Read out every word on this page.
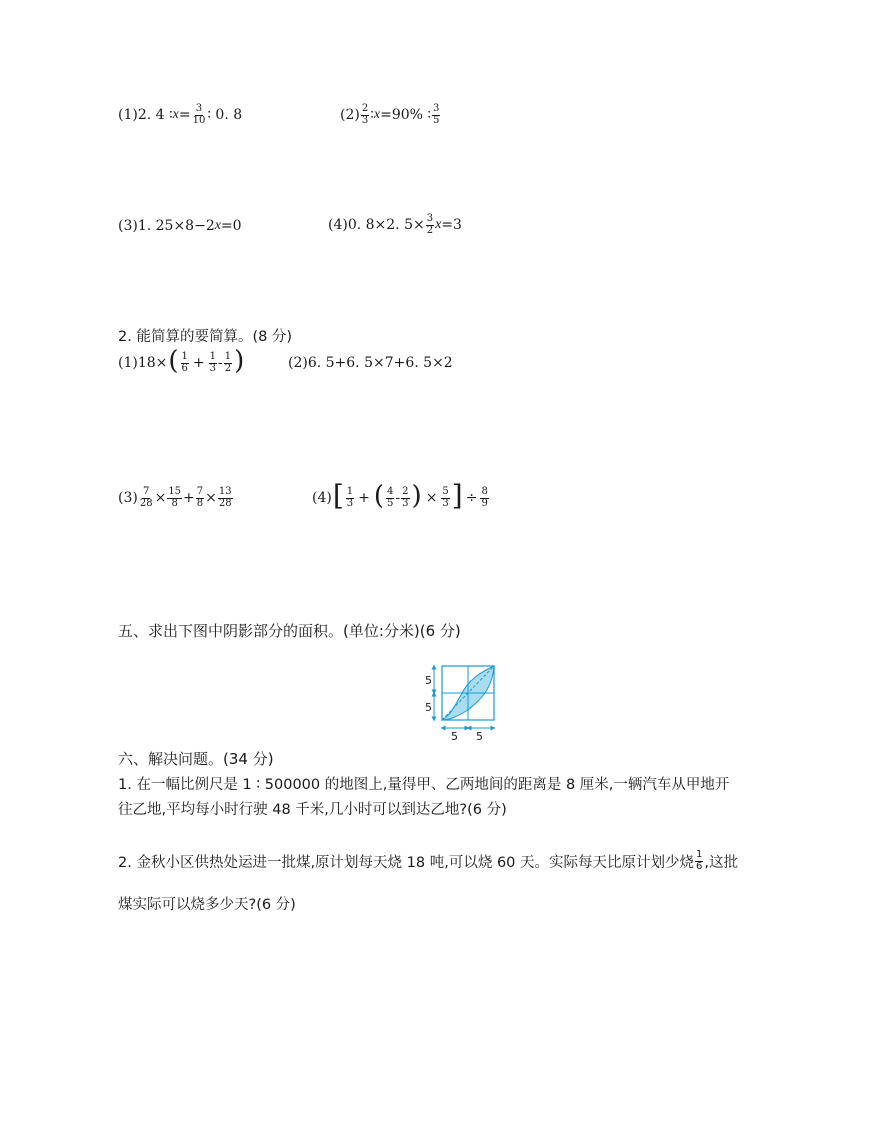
(1)2. 4 ∶ $x = \frac{3}{10}$ ∶ 0. 8	$(2) \frac{2}{3}$ ∶ x =90% ∶ $\frac{3}{5}$
(3)1. 25×8−2 x =0	(4)0. 8×2. $5\times \frac{3}{2}$ x =3
2. 能简算的要简算。(8 分)
(1)18× ( $\frac{1}{6} + \frac{1}{3} - \frac{1}{2}$ )	(2)6. 5+6. 5×7+6. 5×2
$(3) \frac{7}{28} \times \frac{15}{8} + \frac{7}{8} \times \frac{13}{28}$	(4) [ $\frac{1}{3}$ + ( $\frac{4}{5} - \frac{2}{3}$ ) × $\frac{5}{3}$ ] ÷ $\frac{8}{9}$
五、求出下图中阴影部分的面积。(单位:分米)(6 分)
5
5
5 5
六、解决问题。(34 分)
1. 在一幅比例尺是 1 ∶ 500000 的地图上,量得甲、乙两地间的距离是 8 厘米,一辆汽车从甲地开
往乙地,平均每小时行驶 48 千米,几小时可以到达乙地?(6 分)
2. 金秋小区供热处运进一批煤,原计划每天烧 18 吨,可以烧 60 天。实际每天比原计划少烧 $\frac{1}{6}$ ,这批
煤实际可以烧多少天?(6 分)
